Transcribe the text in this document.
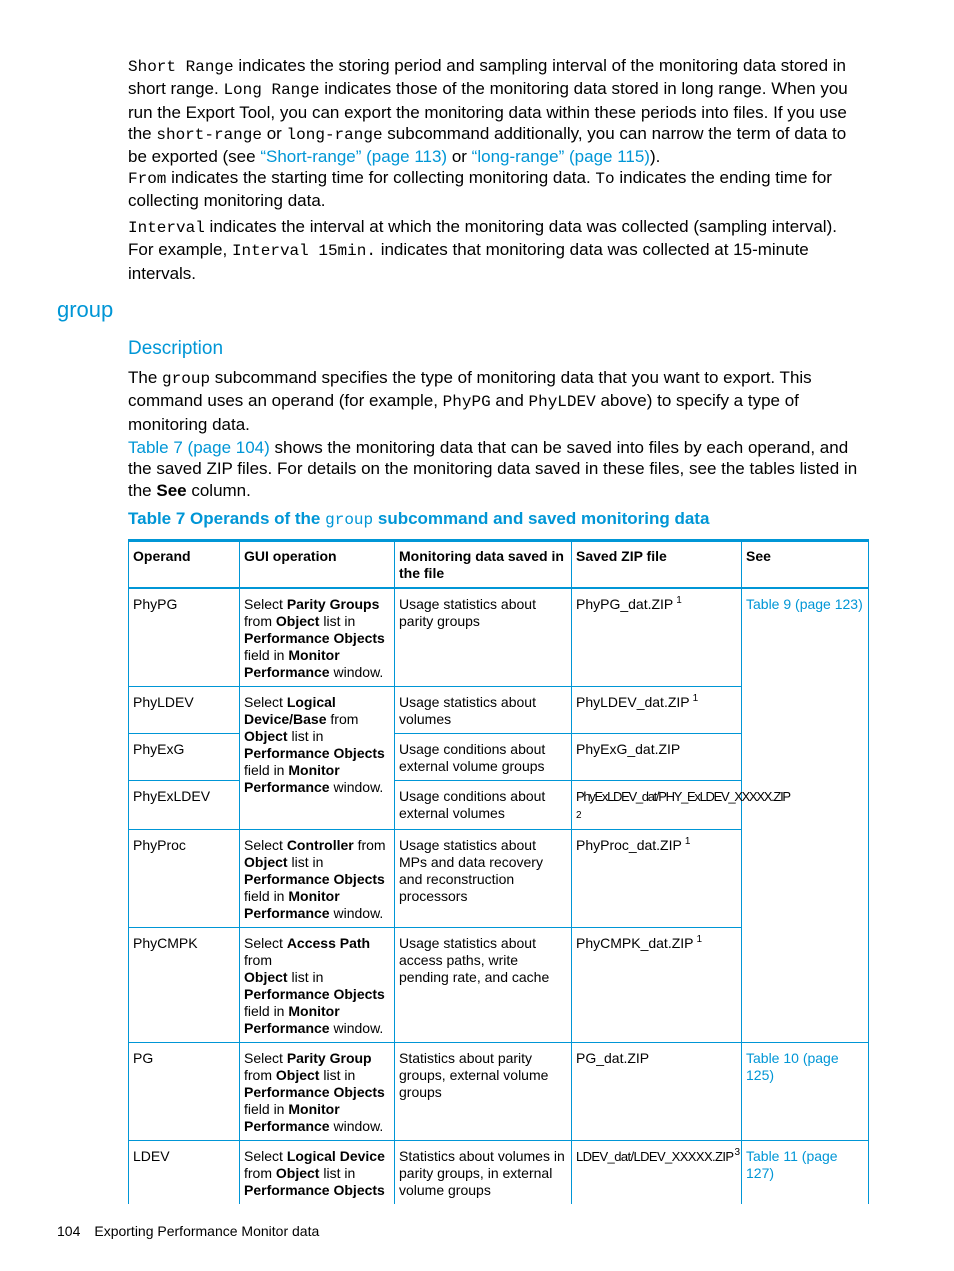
Short Range indicates the storing period and sampling interval of the monitoring data stored in short range. Long Range indicates those of the monitoring data stored in long range. When you run the Export Tool, you can export the monitoring data within these periods into files. If you use the short-range or long-range subcommand additionally, you can narrow the term of data to be exported (see “Short-range” (page 113) or “long-range” (page 115)).

From indicates the starting time for collecting monitoring data. To indicates the ending time for collecting monitoring data.

Interval indicates the interval at which the monitoring data was collected (sampling interval). For example, Interval 15min. indicates that monitoring data was collected at 15-minute intervals.

group
Description

The group subcommand specifies the type of monitoring data that you want to export. This command uses an operand (for example, PhyPG and PhyLDEV above) to specify a type of monitoring data.

Table 7 (page 104) shows the monitoring data that can be saved into files by each operand, and the saved ZIP files. For details on the monitoring data saved in these files, see the tables listed in the See column.

Table 7 Operands of the group subcommand and saved monitoring data

Operand	GUI operation	Monitoring data saved in the file	Saved ZIP file	See
PhyPG	Select Parity Groups
from Object list in
Performance Objects
field in Monitor
Performance window.	Usage statistics about parity groups	PhyPG_dat.ZIP $^1$	Table 9 (page 123)
PhyLDEV	Select Logical Device/Base from
Object list in
Performance Objects
field in Monitor
Performance window.	Usage statistics about volumes	PhyLDEV_dat.ZIP $^1$
PhyExG		Usage conditions about external volume groups	PhyExG_dat.ZIP	
PhyExLDEV		Usage conditions about external volumes	PhyExLDEV_dat/PHY_ExLDEV_XXXXX.ZIP
2	
PhyProc	Select Controller from
Object list in
Performance Objects
field in Monitor
Performance window.	Usage statistics about MPs and data recovery and reconstruction processors	PhyProc_dat.ZIP $^1$
PhyCMPK	Select Access Path from
Object list in
Performance Objects
field in Monitor
Performance window.	Usage statistics about access paths, write pending rate, and cache	PhyCMPK_dat.ZIP $^1$
PG	Select Parity Group
from Object list in
Performance Objects
field in Monitor
Performance window.	Statistics about parity groups, external volume groups	PG_dat.ZIP	Table 10 (page 125)
LDEV	Select Logical Device
from Object list in
Performance Objects	Statistics about volumes in parity groups, in external volume groups	LDEV_dat/LDEV_XXXXX.ZIP$^3$	Table 11 (page 127)

104 Exporting Performance Monitor data
